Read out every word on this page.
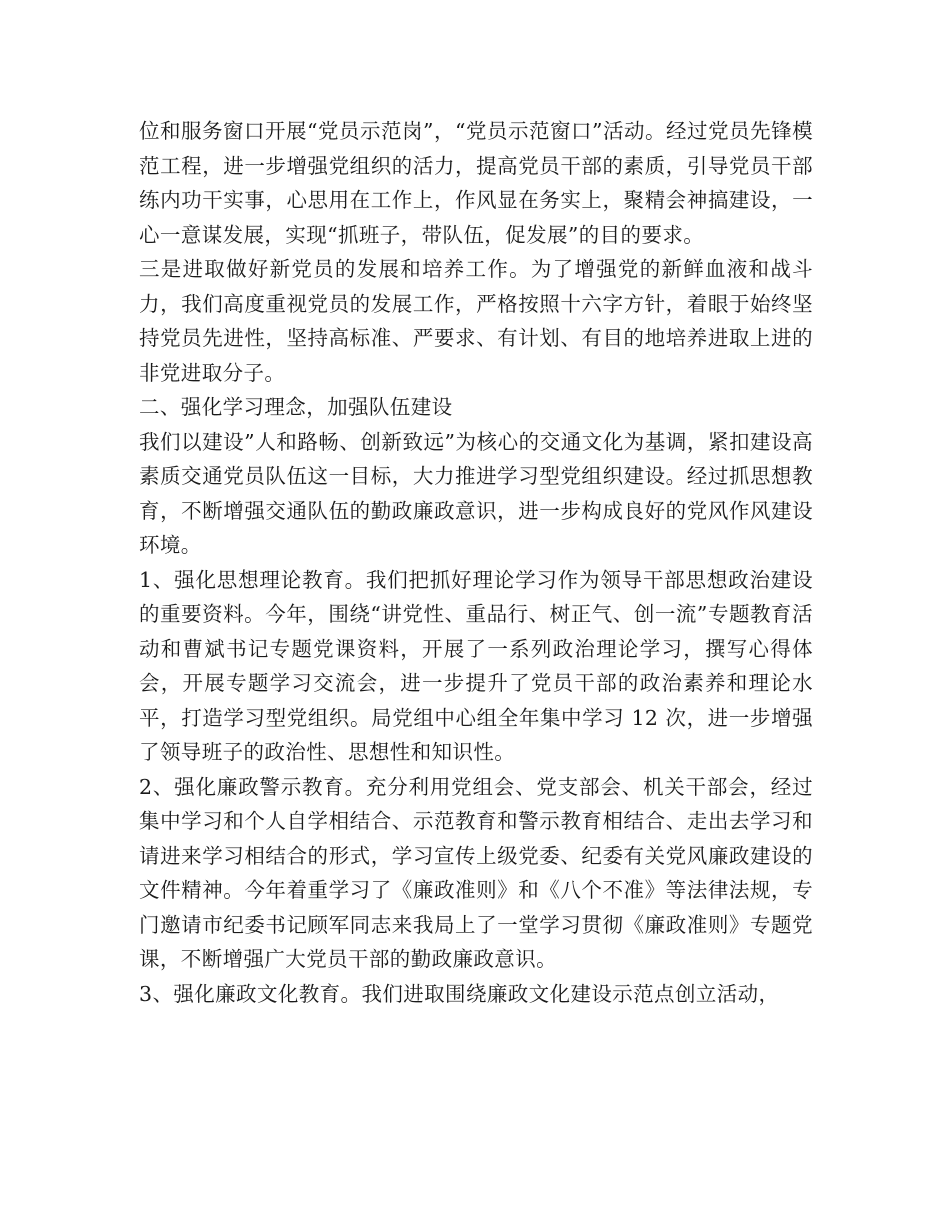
位和服务窗口开展“党员示范岗”，“党员示范窗口”活动。经过党员先锋模范工程，进一步增强党组织的活力，提高党员干部的素质，引导党员干部练内功干实事，心思用在工作上，作风显在务实上，聚精会神搞建设，一心一意谋发展，实现“抓班子，带队伍，促发展”的目的要求。

三是进取做好新党员的发展和培养工作。为了增强党的新鲜血液和战斗力，我们高度重视党员的发展工作，严格按照十六字方针，着眼于始终坚持党员先进性，坚持高标准、严要求、有计划、有目的地培养进取上进的非党进取分子。

二、强化学习理念，加强队伍建设

我们以建设”人和路畅、创新致远”为核心的交通文化为基调，紧扣建设高素质交通党员队伍这一目标，大力推进学习型党组织建设。经过抓思想教育，不断增强交通队伍的勤政廉政意识，进一步构成良好的党风作风建设环境。

1、强化思想理论教育。我们把抓好理论学习作为领导干部思想政治建设的重要资料。今年，围绕“讲党性、重品行、树正气、创一流”专题教育活动和曹斌书记专题党课资料，开展了一系列政治理论学习，撰写心得体会，开展专题学习交流会，进一步提升了党员干部的政治素养和理论水平，打造学习型党组织。局党组中心组全年集中学习 12 次，进一步增强了领导班子的政治性、思想性和知识性。

2、强化廉政警示教育。充分利用党组会、党支部会、机关干部会，经过集中学习和个人自学相结合、示范教育和警示教育相结合、走出去学习和请进来学习相结合的形式，学习宣传上级党委、纪委有关党风廉政建设的文件精神。今年着重学习了《廉政准则》和《八个不准》等法律法规，专门邀请市纪委书记顾军同志来我局上了一堂学习贯彻《廉政准则》专题党课，不断增强广大党员干部的勤政廉政意识。

3、强化廉政文化教育。我们进取围绕廉政文化建设示范点创立活动，
